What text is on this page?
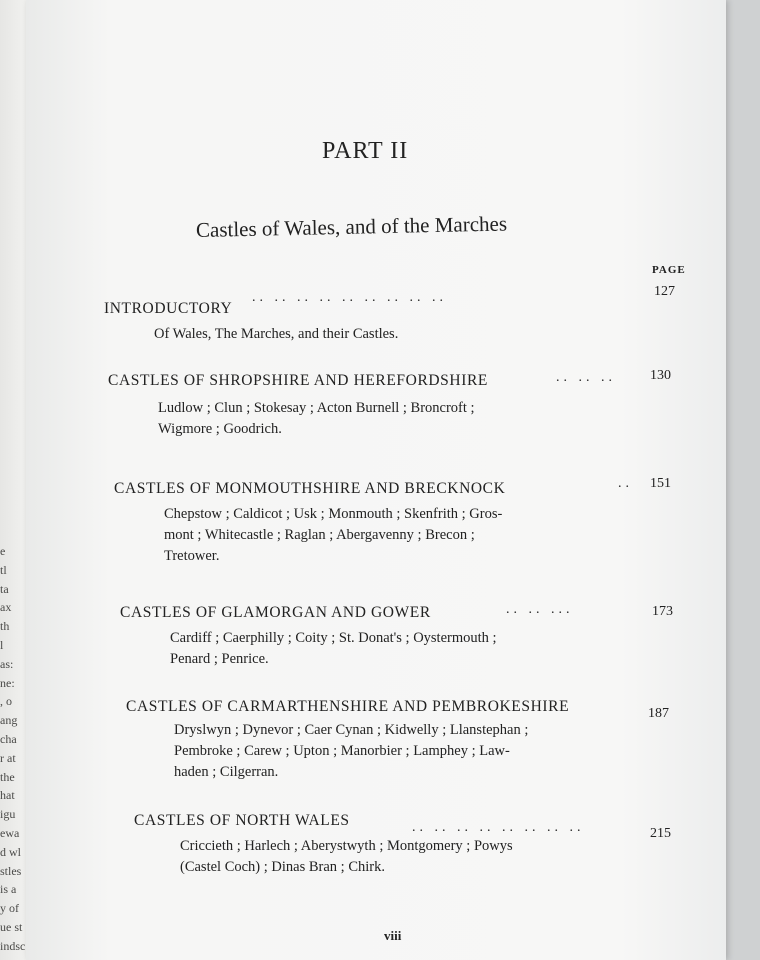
e
tl
ta
ax
th
l
as:
ne:
, o
ang
cha
r at
the
hat
igu
ewa
d wl
stles
is a
y of
ue st
indsc
PART II
Castles of Wales, and of the Marches
PAGE
INTRODUCTORY
.. .. .. .. .. .. .. .. ..	127
Of Wales, The Marches, and their Castles.
CASTLES OF SHROPSHIRE AND HEREFORDSHIRE	.. .. .. 130
Ludlow ; Clun ; Stokesay ; Acton Burnell ; Broncroft ;
Wigmore ; Goodrich.
CASTLES OF MONMOUTHSHIRE AND BRECKNOCK	.. 151
Chepstow ; Caldicot ; Usk ; Monmouth ; Skenfrith ; Gros-
mont ; Whitecastle ; Raglan ; Abergavenny ; Brecon ;
Tretower.
CASTLES OF GLAMORGAN AND GOWER	.. .. ...	173
Cardiff ; Caerphilly ; Coity ; St. Donat's ; Oystermouth ;
Penard ; Penrice.
CASTLES OF CARMARTHENSHIRE AND PEMBROKESHIRE	187
Dryslwyn ; Dynevor ; Caer Cynan ; Kidwelly ; Llanstephan ;
Pembroke ; Carew ; Upton ; Manorbier ; Lamphey ; Law-
haden ; Cilgerran.
CASTLES OF NORTH WALES	.. .. .. .. .. .. .. ..	215
Criccieth ; Harlech ; Aberystwyth ; Montgomery ; Powys
(Castel Coch) ; Dinas Bran ; Chirk.
viii
